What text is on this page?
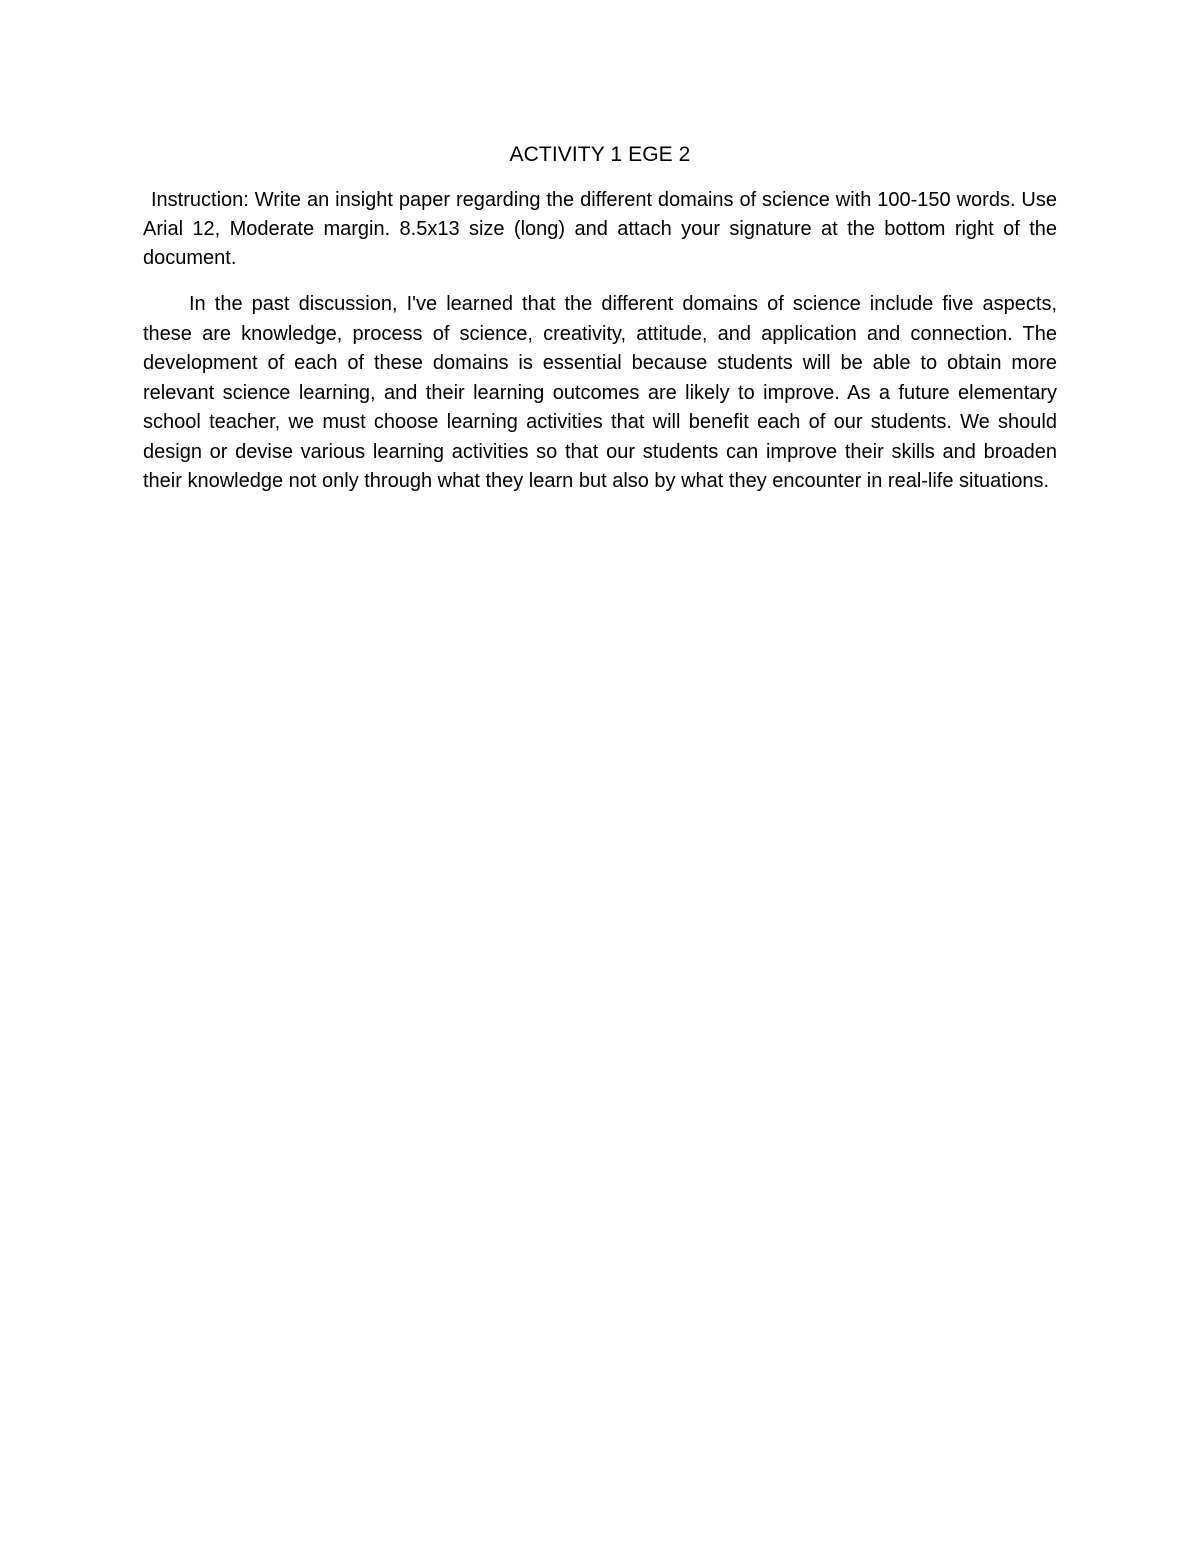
ACTIVITY 1 EGE 2

Instruction: Write an insight paper regarding the different domains of science with 100-150 words. Use Arial 12, Moderate margin. 8.5x13 size (long) and attach your signature at the bottom right of the document.

In the past discussion, I've learned that the different domains of science include five aspects, these are knowledge, process of science, creativity, attitude, and application and connection. The development of each of these domains is essential because students will be able to obtain more relevant science learning, and their learning outcomes are likely to improve. As a future elementary school teacher, we must choose learning activities that will benefit each of our students. We should design or devise various learning activities so that our students can improve their skills and broaden their knowledge not only through what they learn but also by what they encounter in real-life situations.
